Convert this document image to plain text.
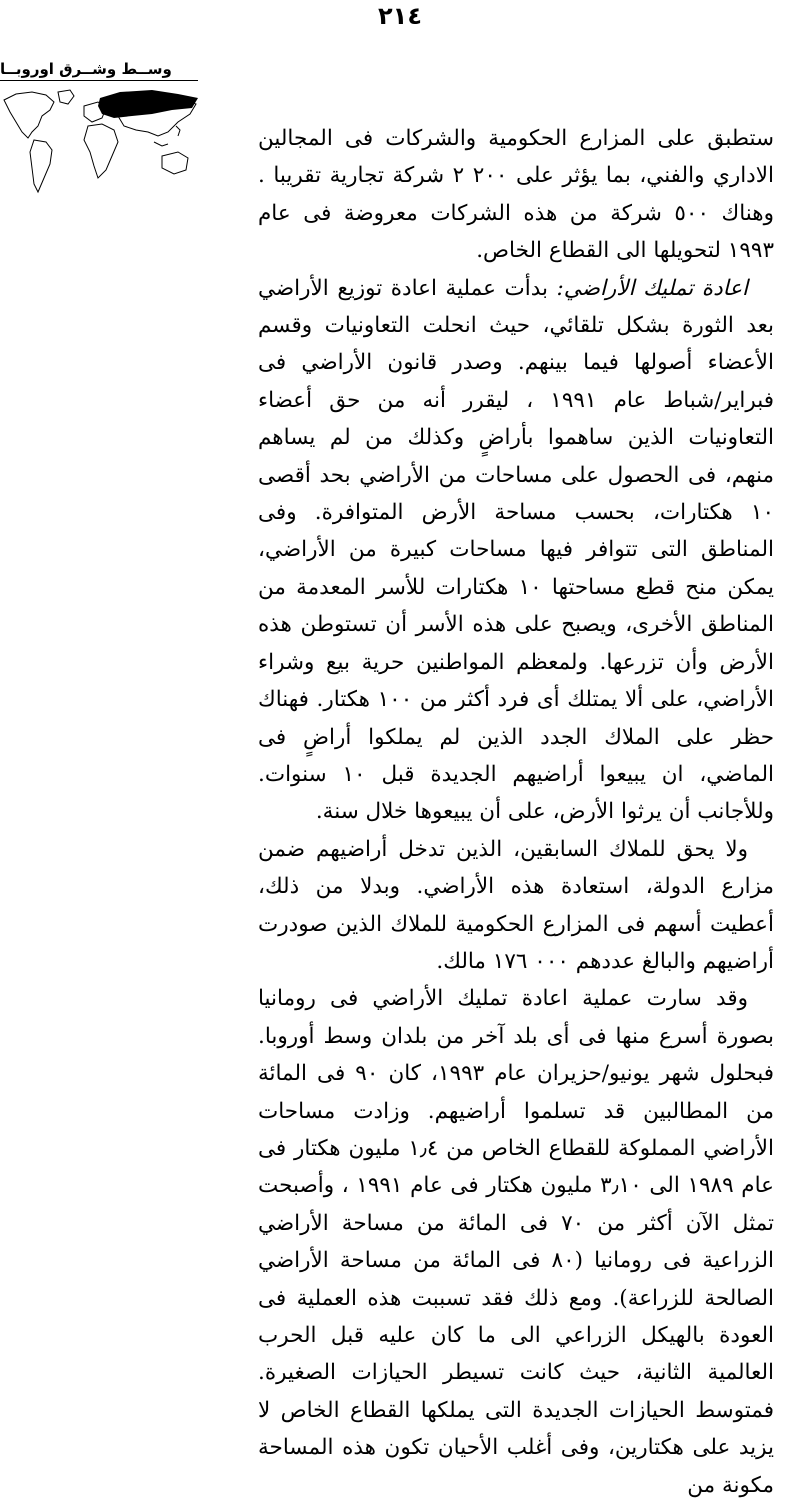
٢١٤
وســط وشــرق اوروبــا

ستطبق على المزارع الحكومية والشركات فى المجالين الاداري والفني، بما يؤثر على ٢٠٠ ٢ شركة تجارية تقريبا . وهناك ٥٠٠ شركة من هذه الشركات معروضة فى عام ١٩٩٣ لتحويلها الى القطاع الخاص.

اعادة تمليك الأراضي: بدأت عملية اعادة توزيع الأراضي بعد الثورة بشكل تلقائي، حيث انحلت التعاونيات وقسم الأعضاء أصولها فيما بينهم. وصدر قانون الأراضي فى فبراير/شباط عام ١٩٩١ ، ليقرر أنه من حق أعضاء التعاونيات الذين ساهموا بأراضٍ وكذلك من لم يساهم منهم، فى الحصول على مساحات من الأراضي بحد أقصى ١٠ هكتارات، بحسب مساحة الأرض المتوافرة. وفى المناطق التى تتوافر فيها مساحات كبيرة من الأراضي، يمكن منح قطع مساحتها ١٠ هكتارات للأسر المعدمة من المناطق الأخرى، ويصبح على هذه الأسر أن تستوطن هذه الأرض وأن تزرعها. ولمعظم المواطنين حرية بيع وشراء الأراضي، على ألا يمتلك أى فرد أكثر من ١٠٠ هكتار. فهناك حظر على الملاك الجدد الذين لم يملكوا أراضٍ فى الماضي، ان يبيعوا أراضيهم الجديدة قبل ١٠ سنوات. وللأجانب أن يرثوا الأرض، على أن يبيعوها خلال سنة.

ولا يحق للملاك السابقين، الذين تدخل أراضيهم ضمن مزارع الدولة، استعادة هذه الأراضي. وبدلا من ذلك، أعطيت أسهم فى المزارع الحكومية للملاك الذين صودرت أراضيهم والبالغ عددهم ٠٠٠ ١٧٦ مالك.

وقد سارت عملية اعادة تمليك الأراضي فى رومانيا بصورة أسرع منها فى أى بلد آخر من بلدان وسط أوروبا. فبحلول شهر يونيو/حزيران عام ١٩٩٣، كان ٩٠ فى المائة من المطالبين قد تسلموا أراضيهم. وزادت مساحات الأراضي المملوكة للقطاع الخاص من ١٫٤ مليون هكتار فى عام ١٩٨٩ الى ٣٫١٠ مليون هكتار فى عام ١٩٩١ ، وأصبحت تمثل الآن أكثر من ٧٠ فى المائة من مساحة الأراضي الزراعية فى رومانيا (٨٠ فى المائة من مساحة الأراضي الصالحة للزراعة). ومع ذلك فقد تسببت هذه العملية فى العودة بالهيكل الزراعي الى ما كان عليه قبل الحرب العالمية الثانية، حيث كانت تسيطر الحيازات الصغيرة. فمتوسط الحيازات الجديدة التى يملكها القطاع الخاص لا يزيد على هكتارين، وفى أغلب الأحيان تكون هذه المساحة مكونة من
